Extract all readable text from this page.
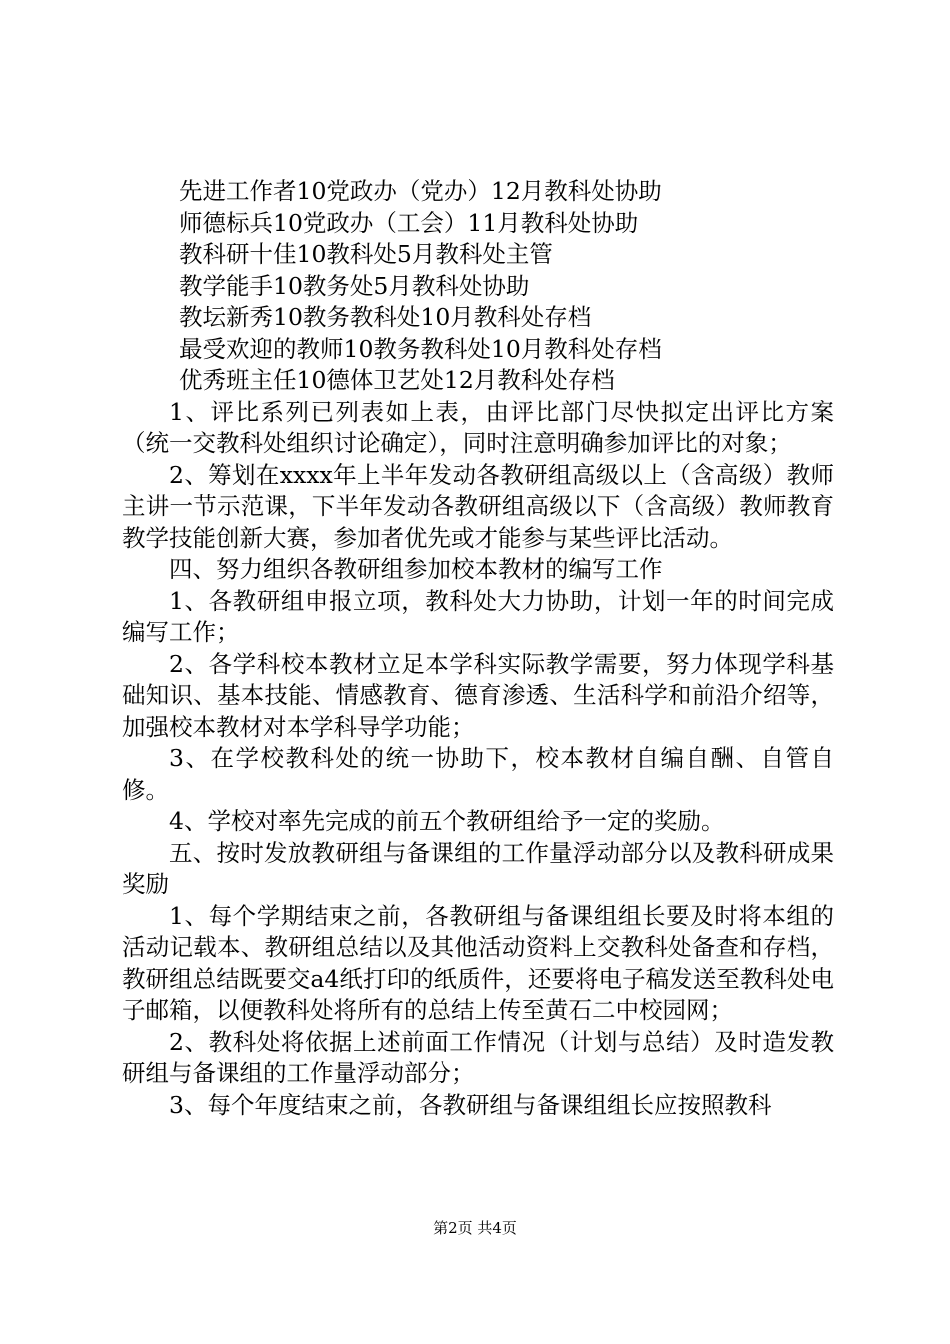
先进工作者10党政办（党办）12月教科处协助
师德标兵10党政办（工会）11月教科处协助
教科研十佳10教科处5月教科处主管
教学能手10教务处5月教科处协助
教坛新秀10教务教科处10月教科处存档
最受欢迎的教师10教务教科处10月教科处存档
优秀班主任10德体卫艺处12月教科处存档

1、评比系列已列表如上表，由评比部门尽快拟定出评比方案（统一交教科处组织讨论确定），同时注意明确参加评比的对象；

2、筹划在xxxx年上半年发动各教研组高级以上（含高级）教师主讲一节示范课，下半年发动各教研组高级以下（含高级）教师教育教学技能创新大赛，参加者优先或才能参与某些评比活动。

四、努力组织各教研组参加校本教材的编写工作

1、各教研组申报立项，教科处大力协助，计划一年的时间完成编写工作；

2、各学科校本教材立足本学科实际教学需要，努力体现学科基础知识、基本技能、情感教育、德育渗透、生活科学和前沿介绍等，加强校本教材对本学科导学功能；

3、在学校教科处的统一协助下，校本教材自编自酬、自管自修。

4、学校对率先完成的前五个教研组给予一定的奖励。

五、按时发放教研组与备课组的工作量浮动部分以及教科研成果奖励

1、每个学期结束之前，各教研组与备课组组长要及时将本组的活动记载本、教研组总结以及其他活动资料上交教科处备查和存档，教研组总结既要交a4纸打印的纸质件，还要将电子稿发送至教科处电子邮箱，以便教科处将所有的总结上传至黄石二中校园网；

2、教科处将依据上述前面工作情况（计划与总结）及时造发教研组与备课组的工作量浮动部分；

3、每个年度结束之前，各教研组与备课组组长应按照教科

第2页 共4页
